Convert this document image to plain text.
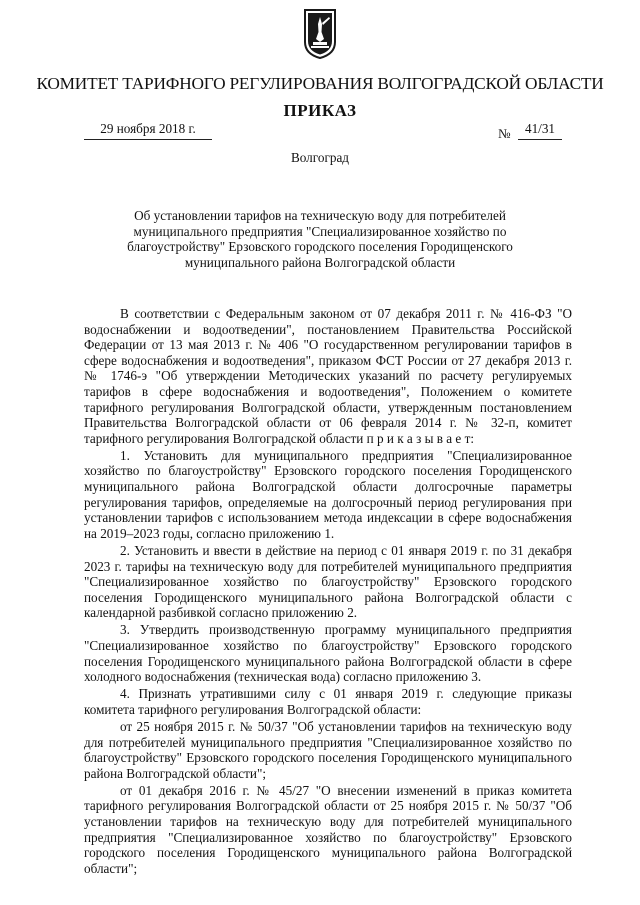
КОМИТЕТ ТАРИФНОГО РЕГУЛИРОВАНИЯ ВОЛГОГРАДСКОЙ ОБЛАСТИ
ПРИКАЗ
29 ноября 2018 г.	№	41/31
Волгоград
Об установлении тарифов на техническую воду для потребителей муниципального предприятия "Специализированное хозяйство по благоустройству" Ерзовского городского поселения Городищенского муниципального района Волгоградской области

В соответствии с Федеральным законом от 07 декабря 2011 г. № 416-ФЗ "О водоснабжении и водоотведении", постановлением Правительства Российской Федерации от 13 мая 2013 г. № 406 "О государственном регулировании тарифов в сфере водоснабжения и водоотведения", приказом ФСТ России от 27 декабря 2013 г. № 1746-э "Об утверждении Методических указаний по расчету регулируемых тарифов в сфере водоснабжения и водоотведения", Положением о комитете тарифного регулирования Волгоградской области, утвержденным постановлением Правительства Волгоградской области от 06 февраля 2014 г. № 32-п, комитет тарифного регулирования Волгоградской области п р и к а з ы в а е т:

1. Установить для муниципального предприятия "Специализированное хозяйство по благоустройству" Ерзовского городского поселения Городищенского муниципального района Волгоградской области долгосрочные параметры регулирования тарифов, определяемые на долгосрочный период регулирования при установлении тарифов с использованием метода индексации в сфере водоснабжения на 2019–2023 годы, согласно приложению 1.

2. Установить и ввести в действие на период с 01 января 2019 г. по 31 декабря 2023 г. тарифы на техническую воду для потребителей муниципального предприятия "Специализированное хозяйство по благоустройству" Ерзовского городского поселения Городищенского муниципального района Волгоградской области с календарной разбивкой согласно приложению 2.

3. Утвердить производственную программу муниципального предприятия "Специализированное хозяйство по благоустройству" Ерзовского городского поселения Городищенского муниципального района Волгоградской области в сфере холодного водоснабжения (техническая вода) согласно приложению 3.

4. Признать утратившими силу с 01 января 2019 г. следующие приказы комитета тарифного регулирования Волгоградской области:

от 25 ноября 2015 г. № 50/37 "Об установлении тарифов на техническую воду для потребителей муниципального предприятия "Специализированное хозяйство по благоустройству" Ерзовского городского поселения Городищенского муниципального района Волгоградской области";

от 01 декабря 2016 г. № 45/27 "О внесении изменений в приказ комитета тарифного регулирования Волгоградской области от 25 ноября 2015 г. № 50/37 "Об установлении тарифов на техническую воду для потребителей муниципального предприятия "Специализированное хозяйство по благоустройству" Ерзовского городского поселения Городищенского муниципального района Волгоградской области";
